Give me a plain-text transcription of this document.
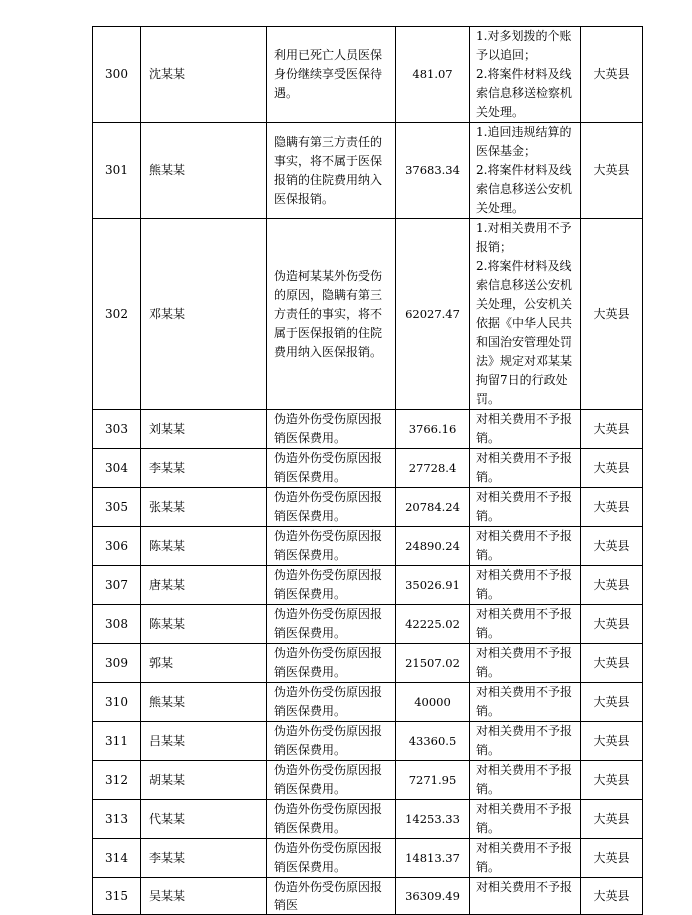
300	沈某某	利用已死亡人员医保身份继续享受医保待遇。	481.07	1.对多划拨的个账予以追回；
2.将案件材料及线索信息移送检察机关处理。	大英县
301	熊某某	隐瞒有第三方责任的事实，将不属于医保报销的住院费用纳入医保报销。	37683.34	1.追回违规结算的医保基金；
2.将案件材料及线索信息移送公安机关处理。	大英县
302	邓某某	伪造柯某某外伤受伤的原因，隐瞒有第三方责任的事实，将不属于医保报销的住院费用纳入医保报销。	62027.47	1.对相关费用不予报销；
2.将案件材料及线索信息移送公安机关处理，公安机关依据《中华人民共和国治安管理处罚法》规定对邓某某拘留7日的行政处罚。	大英县
303	刘某某	伪造外伤受伤原因报销医保费用。	3766.16	对相关费用不予报销。	大英县
304	李某某	伪造外伤受伤原因报销医保费用。	27728.4	对相关费用不予报销。	大英县
305	张某某	伪造外伤受伤原因报销医保费用。	20784.24	对相关费用不予报销。	大英县
306	陈某某	伪造外伤受伤原因报销医保费用。	24890.24	对相关费用不予报销。	大英县
307	唐某某	伪造外伤受伤原因报销医保费用。	35026.91	对相关费用不予报销。	大英县
308	陈某某	伪造外伤受伤原因报销医保费用。	42225.02	对相关费用不予报销。	大英县
309	郭某	伪造外伤受伤原因报销医保费用。	21507.02	对相关费用不予报销。	大英县
310	熊某某	伪造外伤受伤原因报销医保费用。	40000	对相关费用不予报销。	大英县
311	吕某某	伪造外伤受伤原因报销医保费用。	43360.5	对相关费用不予报销。	大英县
312	胡某某	伪造外伤受伤原因报销医保费用。	7271.95	对相关费用不予报销。	大英县
313	代某某	伪造外伤受伤原因报销医保费用。	14253.33	对相关费用不予报销。	大英县
314	李某某	伪造外伤受伤原因报销医保费用。	14813.37	对相关费用不予报销。	大英县
315	吴某某	伪造外伤受伤原因报销医	36309.49	对相关费用不予报	大英县
